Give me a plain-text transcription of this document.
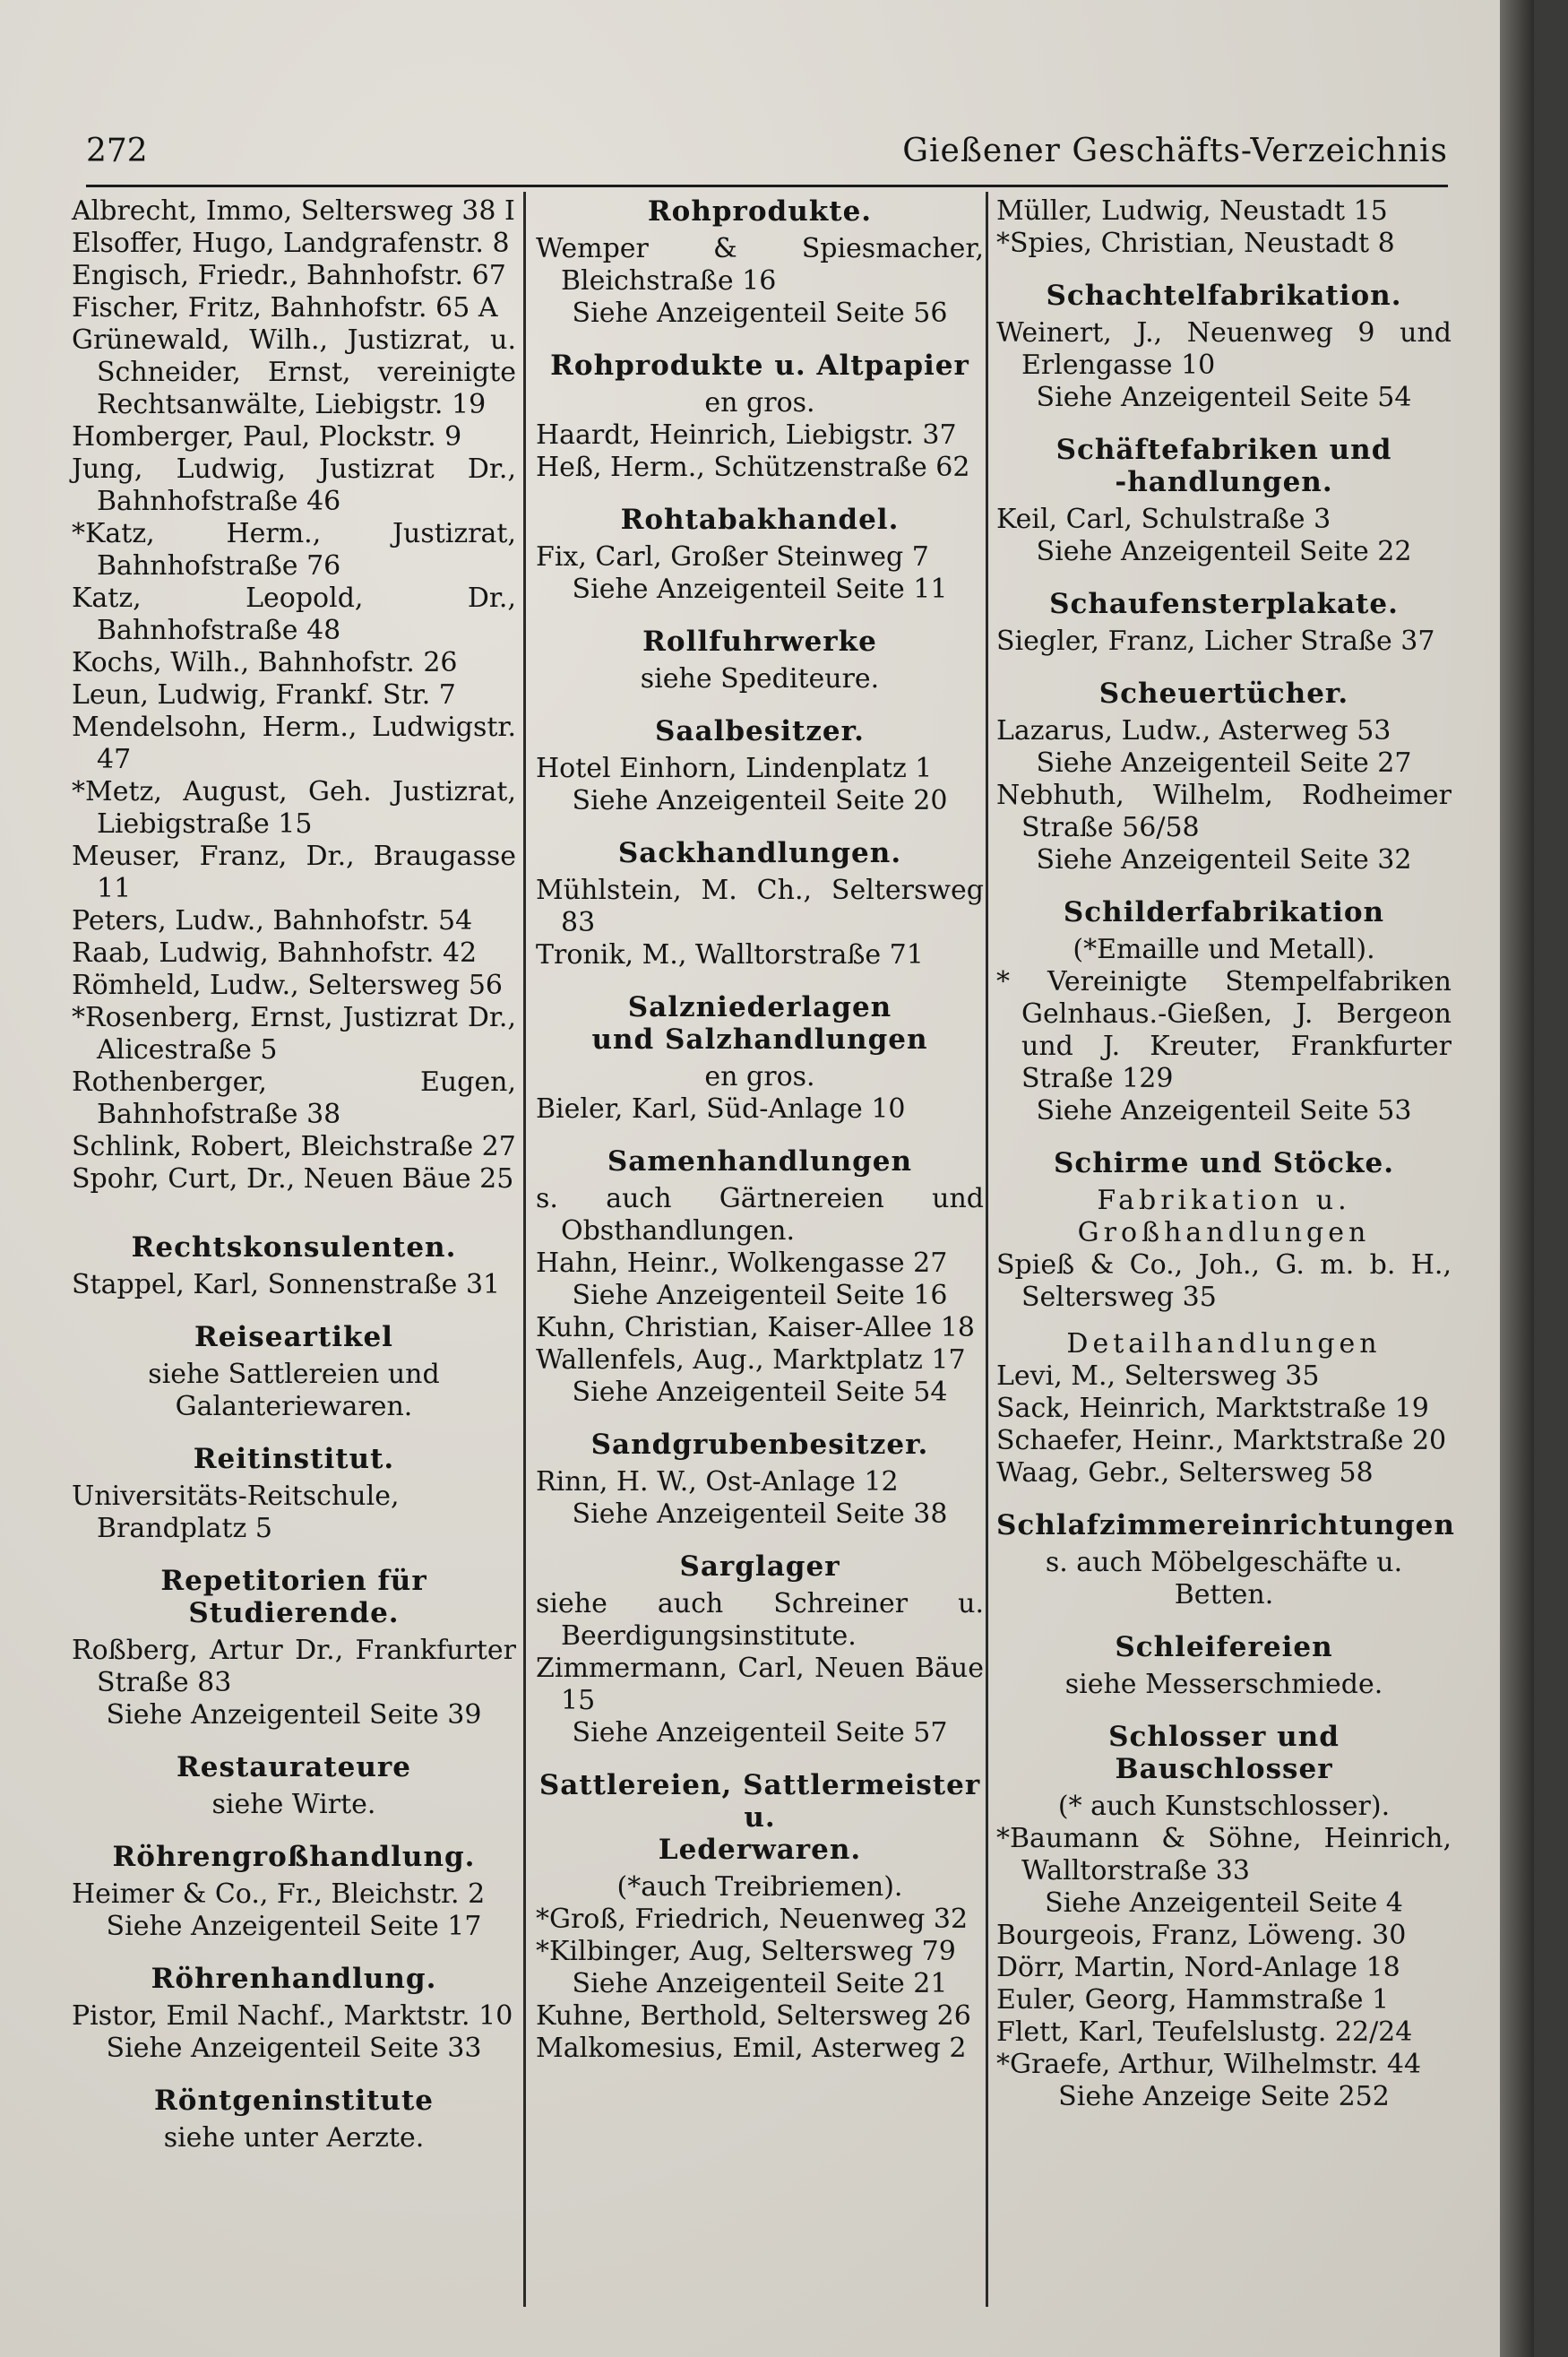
272	Gießener Geschäfts-Verzeichnis

Albrecht, Immo, Seltersweg 38 I

Elsoffer, Hugo, Landgrafenstr. 8

Engisch, Friedr., Bahnhofstr. 67

Fischer, Fritz, Bahnhofstr. 65 A

Grünewald, Wilh., Justizrat, u. Schneider, Ernst, vereinigte Rechtsanwälte, Liebigstr. 19

Homberger, Paul, Plockstr. 9

Jung, Ludwig, Justizrat Dr., Bahnhofstraße 46

*Katz, Herm., Justizrat, Bahnhofstraße 76

Katz, Leopold, Dr., Bahnhofstraße 48

Kochs, Wilh., Bahnhofstr. 26

Leun, Ludwig, Frankf. Str. 7

Mendelsohn, Herm., Ludwigstr. 47

*Metz, August, Geh. Justizrat, Liebigstraße 15

Meuser, Franz, Dr., Braugasse 11

Peters, Ludw., Bahnhofstr. 54

Raab, Ludwig, Bahnhofstr. 42

Römheld, Ludw., Seltersweg 56

*Rosenberg, Ernst, Justizrat Dr., Alicestraße 5

Rothenberger, Eugen, Bahnhofstraße 38

Schlink, Robert, Bleichstraße 27

Spohr, Curt, Dr., Neuen Bäue 25

Rechtskonsulenten.

Stappel, Karl, Sonnenstraße 31

Reiseartikel

siehe Sattlereien und Galanteriewaren.

Reitinstitut.

Universitäts-Reitschule, Brandplatz 5

Repetitorien für Studierende.

Roßberg, Artur Dr., Frankfurter Straße 83

Siehe Anzeigenteil Seite 39

Restaurateure

siehe Wirte.

Röhrengroßhandlung.

Heimer & Co., Fr., Bleichstr. 2

Siehe Anzeigenteil Seite 17

Röhrenhandlung.

Pistor, Emil Nachf., Marktstr. 10

Siehe Anzeigenteil Seite 33

Röntgeninstitute

siehe unter Aerzte.

Rohprodukte.

Wemper & Spiesmacher, Bleichstraße 16

Siehe Anzeigenteil Seite 56

Rohprodukte u. Altpapier

en gros.

Haardt, Heinrich, Liebigstr. 37

Heß, Herm., Schützenstraße 62

Rohtabakhandel.

Fix, Carl, Großer Steinweg 7

Siehe Anzeigenteil Seite 11

Rollfuhrwerke

siehe Spediteure.

Saalbesitzer.

Hotel Einhorn, Lindenplatz 1

Siehe Anzeigenteil Seite 20

Sackhandlungen.

Mühlstein, M. Ch., Seltersweg 83

Tronik, M., Walltorstraße 71

Salzniederlagen

und Salzhandlungen

en gros.

Bieler, Karl, Süd-Anlage 10

Samenhandlungen

s. auch Gärtnereien und Obsthandlungen.

Hahn, Heinr., Wolkengasse 27

Siehe Anzeigenteil Seite 16

Kuhn, Christian, Kaiser-Allee 18

Wallenfels, Aug., Marktplatz 17

Siehe Anzeigenteil Seite 54

Sandgrubenbesitzer.

Rinn, H. W., Ost-Anlage 12

Siehe Anzeigenteil Seite 38

Sarglager

siehe auch Schreiner u. Beerdigungsinstitute.

Zimmermann, Carl, Neuen Bäue 15

Siehe Anzeigenteil Seite 57

Sattlereien, Sattlermeister u.

Lederwaren.

(*auch Treibriemen).

*Groß, Friedrich, Neuenweg 32

*Kilbinger, Aug, Seltersweg 79

Siehe Anzeigenteil Seite 21

Kuhne, Berthold, Seltersweg 26

Malkomesius, Emil, Asterweg 2

Müller, Ludwig, Neustadt 15

*Spies, Christian, Neustadt 8

Schachtelfabrikation.

Weinert, J., Neuenweg 9 und Erlengasse 10

Siehe Anzeigenteil Seite 54

Schäftefabriken und

-handlungen.

Keil, Carl, Schulstraße 3

Siehe Anzeigenteil Seite 22

Schaufensterplakate.

Siegler, Franz, Licher Straße 37

Scheuertücher.

Lazarus, Ludw., Asterweg 53

Siehe Anzeigenteil Seite 27

Nebhuth, Wilhelm, Rodheimer Straße 56/58

Siehe Anzeigenteil Seite 32

Schilderfabrikation

(*Emaille und Metall).

* Vereinigte Stempelfabriken Gelnhaus.-Gießen, J. Bergeon und J. Kreuter, Frankfurter Straße 129

Siehe Anzeigenteil Seite 53

Schirme und Stöcke.

Fabrikation u. Großhandlungen

Spieß & Co., Joh., G. m. b. H., Seltersweg 35

Detailhandlungen

Levi, M., Seltersweg 35

Sack, Heinrich, Marktstraße 19

Schaefer, Heinr., Marktstraße 20

Waag, Gebr., Seltersweg 58

Schlafzimmereinrichtungen

s. auch Möbelgeschäfte u. Betten.

Schleifereien

siehe Messerschmiede.

Schlosser und Bauschlosser

(* auch Kunstschlosser).

*Baumann & Söhne, Heinrich, Walltorstraße 33

Siehe Anzeigenteil Seite 4

Bourgeois, Franz, Löweng. 30

Dörr, Martin, Nord-Anlage 18

Euler, Georg, Hammstraße 1

Flett, Karl, Teufelslustg. 22/24

*Graefe, Arthur, Wilhelmstr. 44

Siehe Anzeige Seite 252
